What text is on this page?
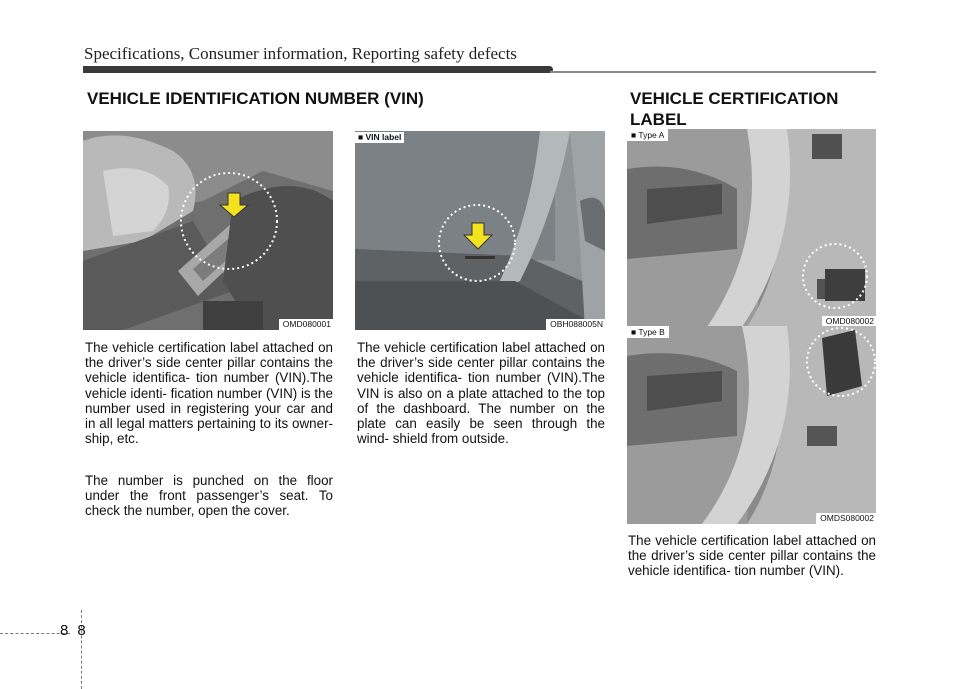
Specifications, Consumer information, Reporting safety defects
VEHICLE IDENTIFICATION NUMBER (VIN)	VEHICLE CERTIFICATION
LABEL
OMD080001
■ VIN label
OBH088005N
■ Type A
OMD080002
■ Type B
OMDS080002

The vehicle certification label attached on the driver’s side center pillar contains the vehicle identifica- tion number (VIN).The vehicle identi- fication number (VIN) is the number used in registering your car and in all legal matters pertaining to its owner- ship, etc.

The number is punched on the floor under the front passenger’s seat. To check the number, open the cover.

The vehicle certification label attached on the driver’s side center pillar contains the vehicle identifica- tion number (VIN).The VIN is also on a plate attached to the top of the dashboard. The number on the plate can easily be seen through the wind- shield from outside.

The vehicle certification label attached on the driver’s side center pillar contains the vehicle identifica- tion number (VIN).

88
